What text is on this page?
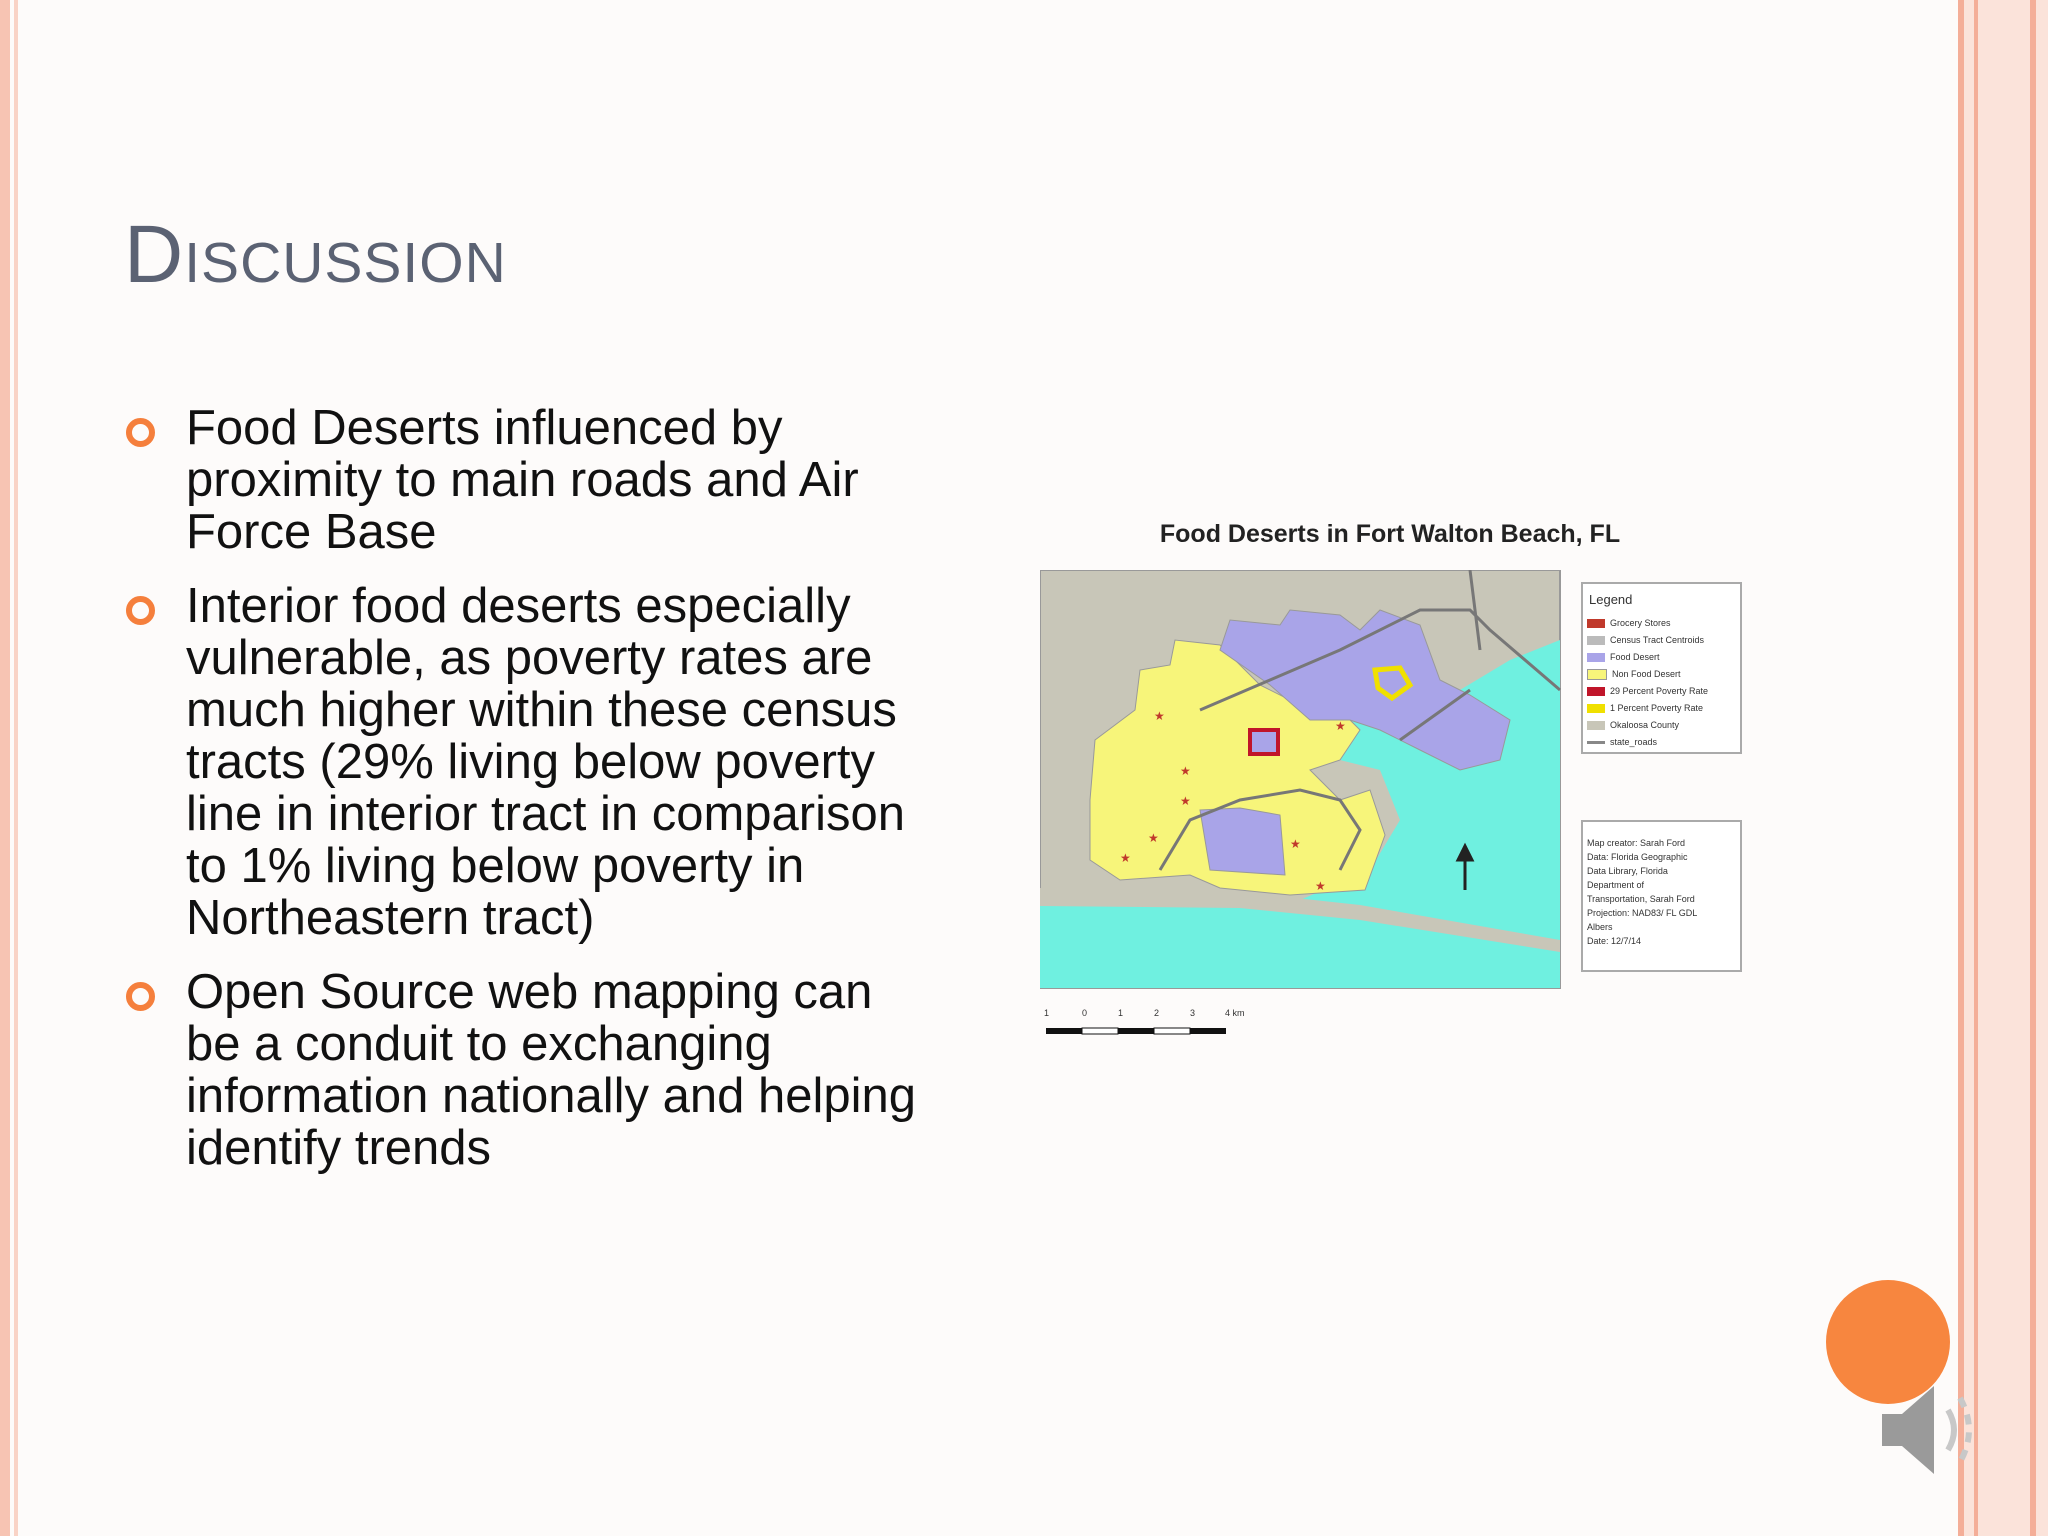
Discussion
Food Deserts influenced by proximity to main roads and Air Force Base
Interior food deserts especially vulnerable, as poverty rates are much higher within these census tracts (29% living below poverty line in interior tract in comparison to 1% living below poverty in Northeastern tract)
Open Source web mapping can be a conduit to exchanging information nationally and helping identify trends
Food Deserts in Fort Walton Beach, FL
★
★
★
★
★
★
★
★
Legend
Grocery Stores
Census Tract Centroids
Food Desert
Non Food Desert
29 Percent Poverty Rate
1 Percent Poverty Rate
Okaloosa County
state_roads
Map creator: Sarah Ford
Data: Florida Geographic
Data Library, Florida
Department of
Transportation, Sarah Ford
Projection: NAD83/ FL GDL
Albers
Date: 12/7/14
1	0	1	2	3	4 km
